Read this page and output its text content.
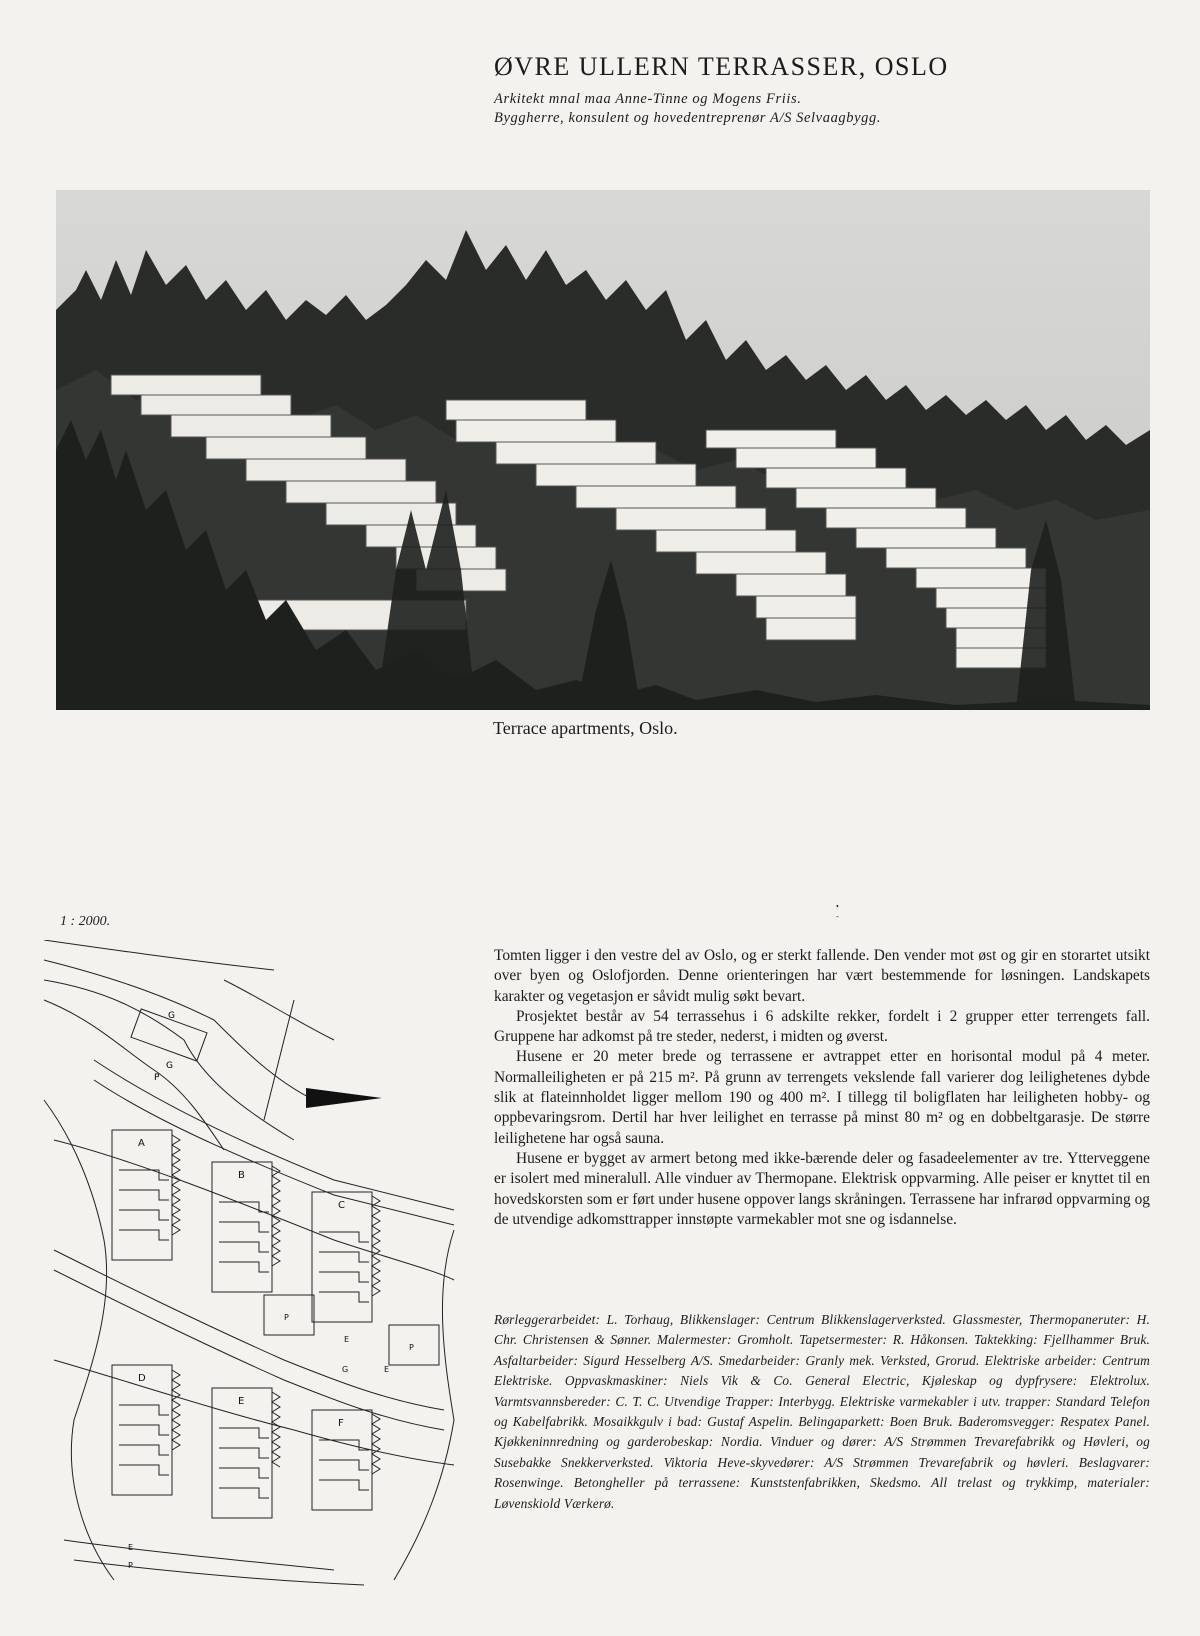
ØVRE ULLERN TERRASSER, OSLO
Arkitekt mnal maa Anne-Tinne og Mogens Friis.
Byggherre, konsulent og hovedentreprenør A/S Selvaagbygg.
Terrace apartments, Oslo.
•
-
1 : 2000.
G
G
P
A
B
C
D
E
F
P
P
E
G	E
E
P

Tomten ligger i den vestre del av Oslo, og er sterkt fallende. Den vender mot øst og gir en storartet utsikt over byen og Oslofjorden. Denne orienteringen har vært bestemmende for løsningen. Landskapets karakter og vegetasjon er såvidt mulig søkt bevart.

Prosjektet består av 54 terrassehus i 6 adskilte rekker, fordelt i 2 grupper etter terrengets fall. Gruppene har adkomst på tre steder, nederst, i midten og øverst.

Husene er 20 meter brede og terrassene er avtrappet etter en horisontal modul på 4 meter. Normalleiligheten er på 215 m². På grunn av terrengets vekslende fall varierer dog leilighetenes dybde slik at flateinnholdet ligger mellom 190 og 400 m². I tillegg til boligflaten har leiligheten hobby- og oppbevaringsrom. Dertil har hver leilighet en terrasse på minst 80 m² og en dobbeltgarasje. De større leilighetene har også sauna.

Husene er bygget av armert betong med ikke-bærende deler og fasadeelementer av tre. Ytterveggene er isolert med mineralull. Alle vinduer av Thermopane. Elektrisk oppvarming. Alle peiser er knyttet til en hovedskorsten som er ført under husene oppover langs skråningen. Terrassene har infrarød oppvarming og de utvendige adkomsttrapper innstøpte varmekabler mot sne og isdannelse.

Rørleggerarbeidet: L. Torhaug, Blikkenslager: Centrum Blikkenslagerverksted. Glassmester, Thermopaneruter: H. Chr. Christensen & Sønner. Malermester: Gromholt. Tapetsermester: R. Håkonsen. Taktekking: Fjellhammer Bruk. Asfaltarbeider: Sigurd Hesselberg A/S. Smedarbeider: Granly mek. Verksted, Grorud. Elektriske arbeider: Centrum Elektriske. Oppvaskmaskiner: Niels Vik & Co. General Electric, Kjøleskap og dypfrysere: Elektrolux. Varmtsvannsbereder: C. T. C. Utvendige Trapper: Interbygg. Elektriske varmekabler i utv. trapper: Standard Telefon og Kabelfabrikk. Mosaikkgulv i bad: Gustaf Aspelin. Belingaparkett: Boen Bruk. Baderomsvegger: Respatex Panel. Kjøkkeninnredning og garderobeskap: Nordia. Vinduer og dører: A/S Strømmen Trevarefabrikk og Høvleri, og Susebakke Snekkerverksted. Viktoria Heve-skyvedører: A/S Strømmen Trevarefabrik og høvleri. Beslagvarer: Rosenwinge. Betongheller på terrassene: Kunststenfabrikken, Skedsmo. All trelast og trykkimp, materialer: Løvenskiold Værkerø.
